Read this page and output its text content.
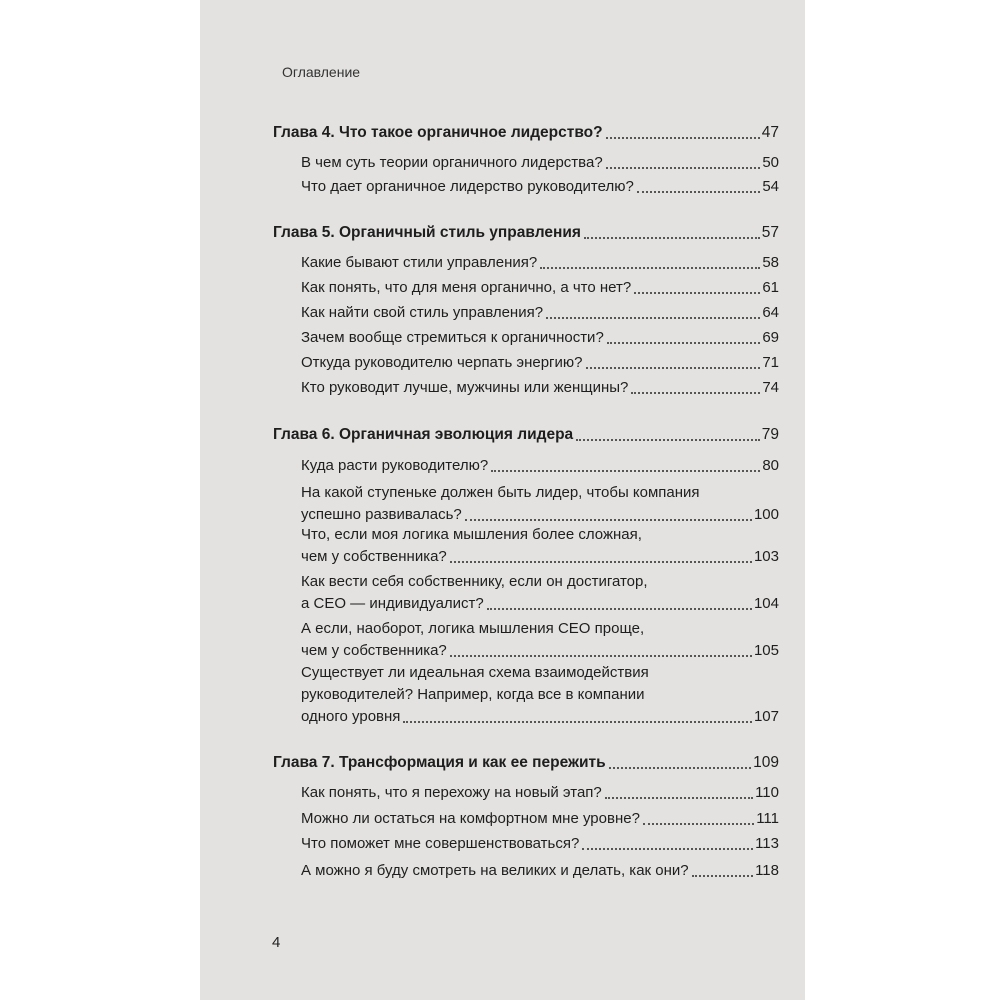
Оглавление
Глава 4. Что такое органичное лидерство?	47
В чем суть теории органичного лидерства?	50
Что дает органичное лидерство руководителю?	54
Глава 5. Органичный стиль управления	57
Какие бывают стили управления?	58
Как понять, что для меня органично, а что нет?	61
Как найти свой стиль управления?	64
Зачем вообще стремиться к органичности?	69
Откуда руководителю черпать энергию?	71
Кто руководит лучше, мужчины или женщины?	74
Глава 6. Органичная эволюция лидера	79
Куда расти руководителю?	80
На какой ступеньке должен быть лидер, чтобы компания
успешно развивалась?	100
Что, если моя логика мышления более сложная,
чем у собственника?	103
Как вести себя собственнику, если он достигатор,
а СЕО — индивидуалист?	104
А если, наоборот, логика мышления СЕО проще,
чем у собственника?	105
Существует ли идеальная схема взаимодействия
руководителей? Например, когда все в компании
одного уровня	107
Глава 7. Трансформация и как ее пережить	109
Как понять, что я перехожу на новый этап?	110
Можно ли остаться на комфортном мне уровне?	111
Что поможет мне совершенствоваться?	113
А можно я буду смотреть на великих и делать, как они?	118
4
